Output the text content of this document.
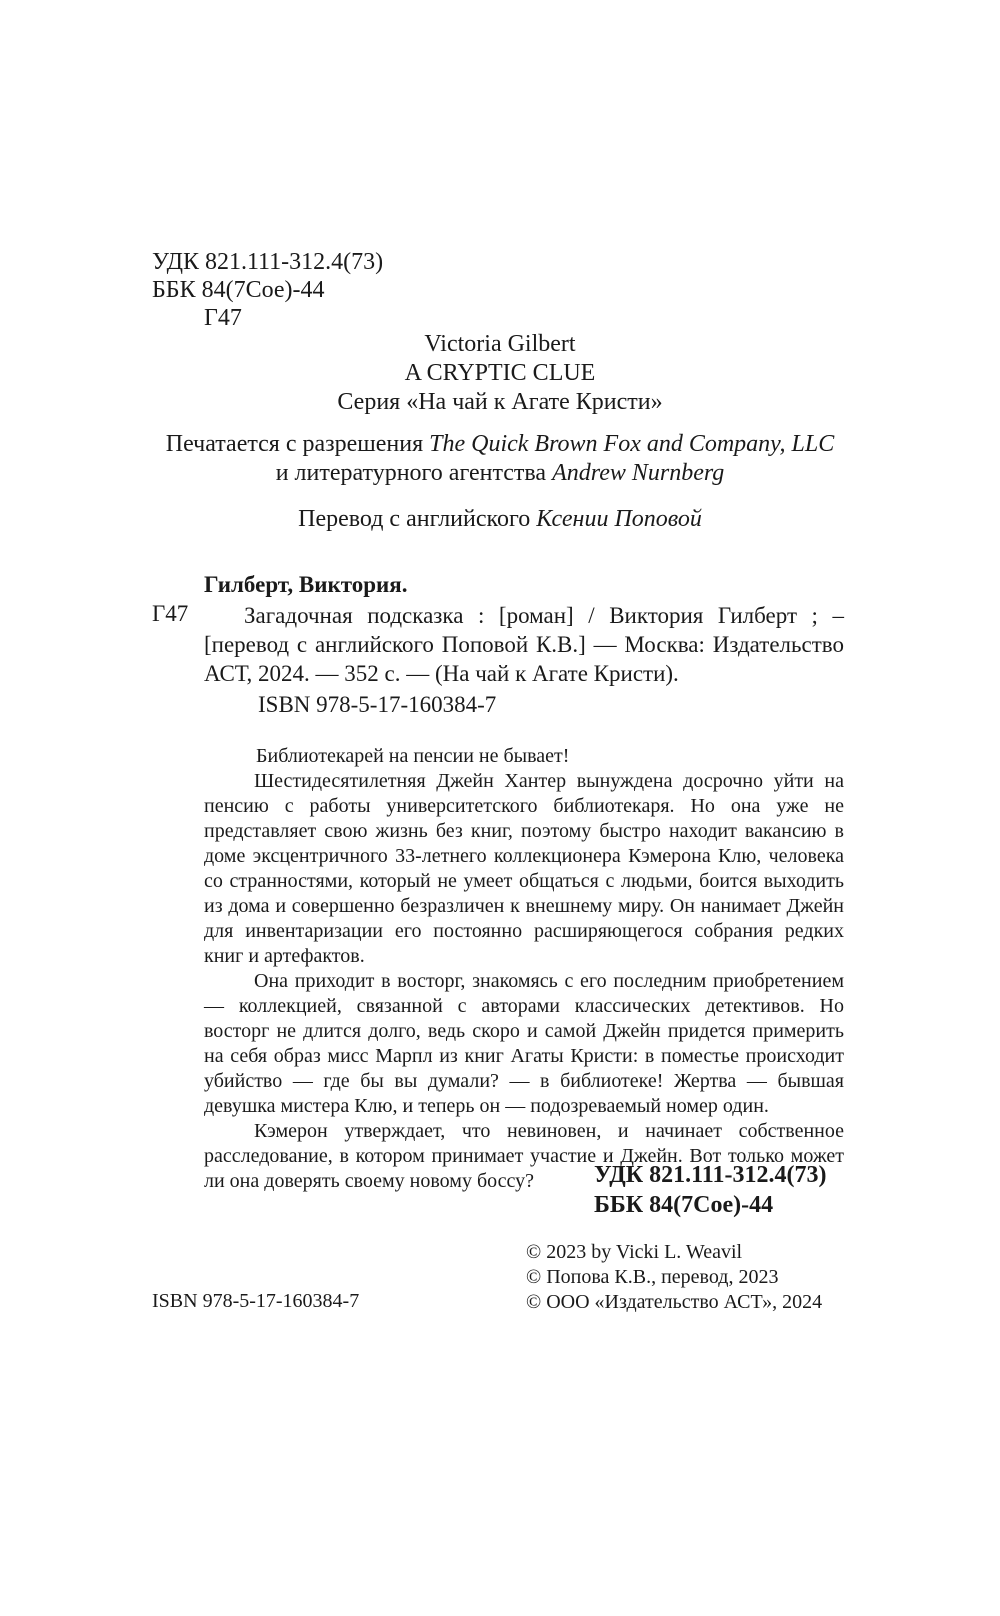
УДК 821.111-312.4(73)
ББК 84(7Сое)-44
Г47
Victoria Gilbert
A CRYPTIC CLUE
Серия «На чай к Агате Кристи»
Печатается с разрешения The Quick Brown Fox and Company, LLC
и литературного агентства Andrew Nurnberg
Перевод с английского Ксении Поповой
Гилберт, Виктория.
Г47	Загадочная подсказка : [роман] / Виктория Гилберт ; – [перевод с английского Поповой К.В.] — Москва: Издательство АСТ, 2024. — 352 с. — (На чай к Агате Кристи).
ISBN 978-5-17-160384-7

Библиотекарей на пенсии не бывает!

Шестидесятилетняя Джейн Хантер вынуждена досрочно уйти на пенсию с работы университетского библиотекаря. Но она уже не представляет свою жизнь без книг, поэтому быстро находит вакансию в доме эксцентричного 33-летнего коллекционера Кэмерона Клю, человека со странностями, который не умеет общаться с людьми, боится выходить из дома и совершенно безразличен к внешнему миру. Он нанимает Джейн для инвентаризации его постоянно расширяющегося собрания редких книг и артефактов.

Она приходит в восторг, знакомясь с его последним приобретением — коллекцией, связанной с авторами классических детективов. Но восторг не длится долго, ведь скоро и самой Джейн придется примерить на себя образ мисс Марпл из книг Агаты Кристи: в поместье происходит убийство — где бы вы думали? — в библиотеке! Жертва — бывшая девушка мистера Клю, и теперь он — подозреваемый номер один.

Кэмерон утверждает, что невиновен, и начинает собственное расследование, в котором принимает участие и Джейн. Вот только может ли она доверять своему новому боссу?	УДК 821.111-312.4(73)
ББК 84(7Сое)-44
© 2023 by Vicki L. Weavil
© Попова К.В., перевод, 2023
© ООО «Издательство АСТ», 2024
ISBN 978-5-17-160384-7
